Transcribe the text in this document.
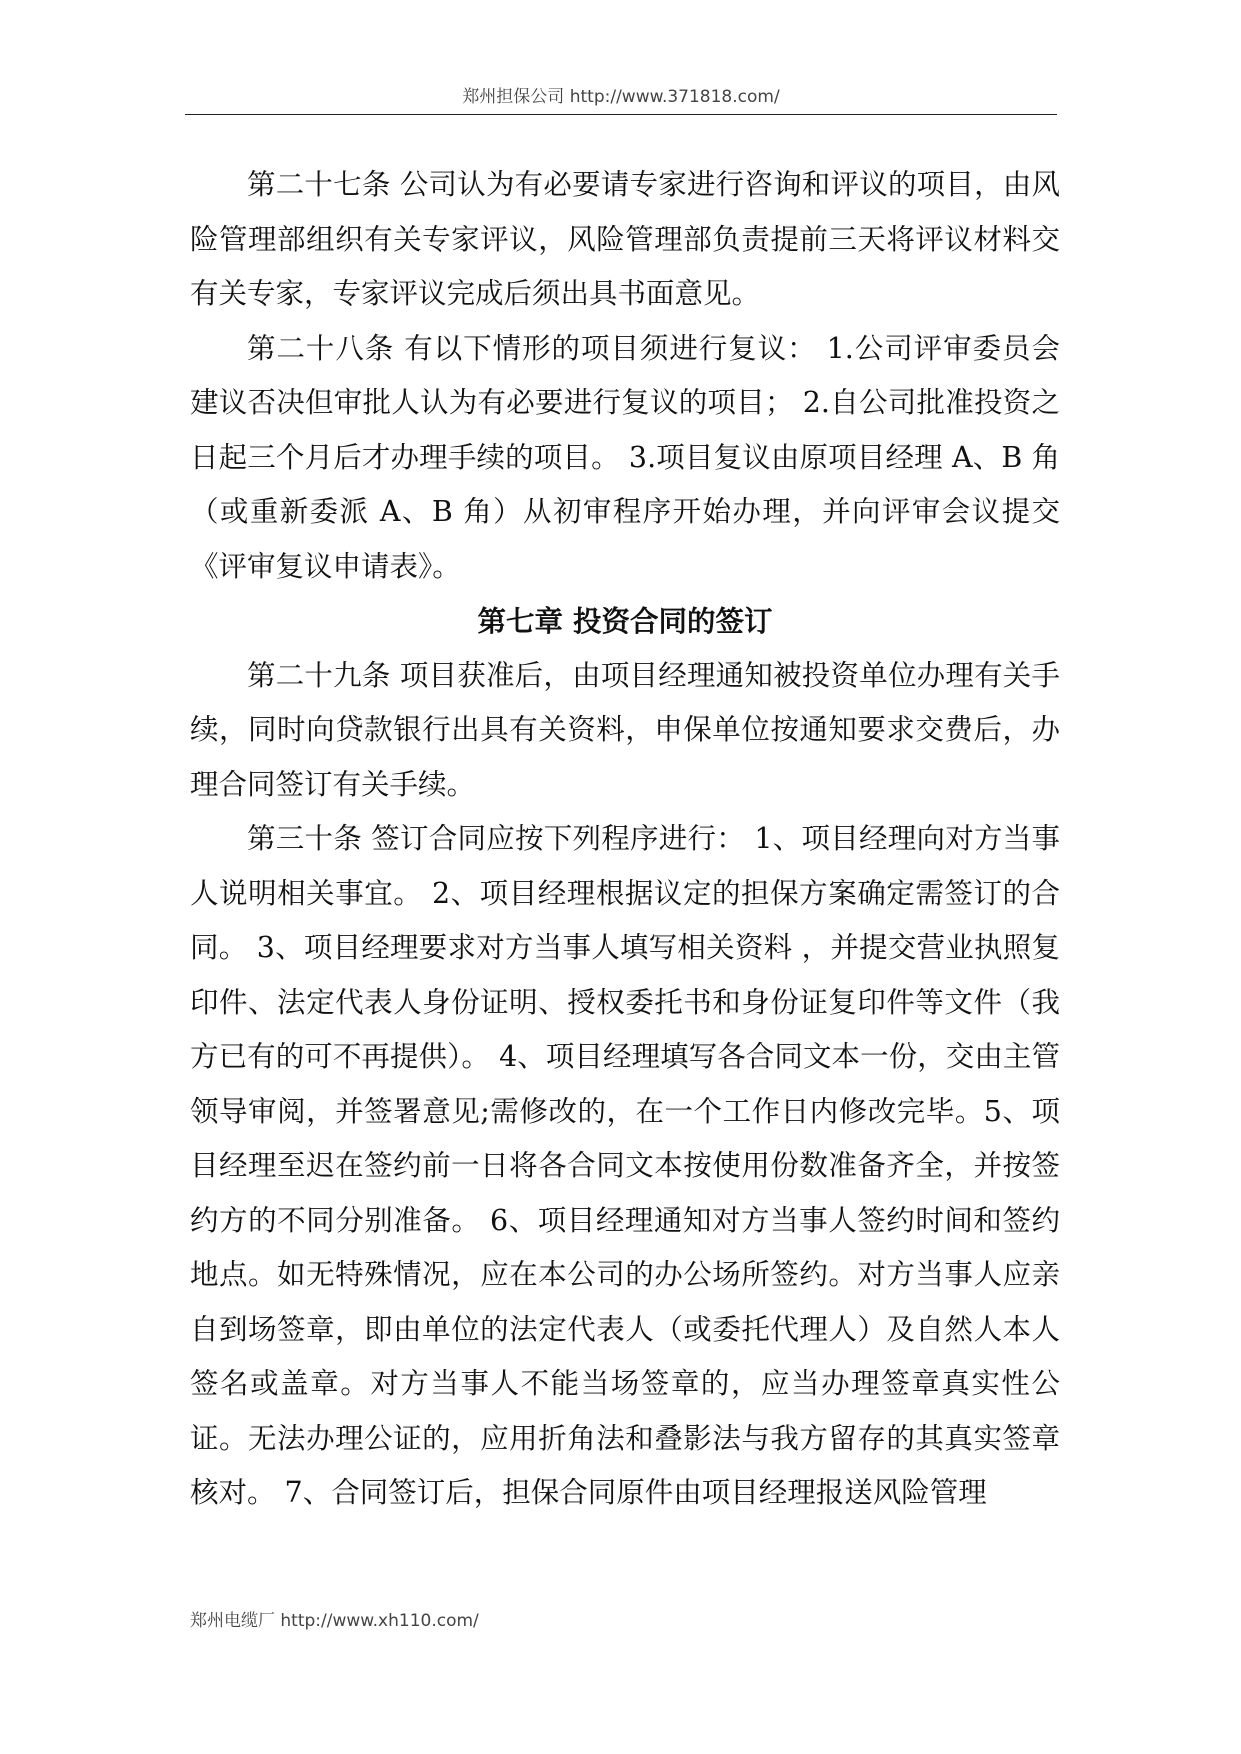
郑州担保公司 http://www.371818.com/

第二十七条 公司认为有必要请专家进行咨询和评议的项目，由风险管理部组织有关专家评议，风险管理部负责提前三天将评议材料交有关专家，专家评议完成后须出具书面意见。

第二十八条 有以下情形的项目须进行复议： 1.公司评审委员会建议否决但审批人认为有必要进行复议的项目； 2.自公司批准投资之日起三个月后才办理手续的项目。 3.项目复议由原项目经理 A、B 角（或重新委派 A、B 角）从初审程序开始办理，并向评审会议提交《评审复议申请表》。

第七章 投资合同的签订

第二十九条 项目获准后，由项目经理通知被投资单位办理有关手续，同时向贷款银行出具有关资料，申保单位按通知要求交费后，办理合同签订有关手续。

第三十条 签订合同应按下列程序进行： 1、项目经理向对方当事人说明相关事宜。 2、项目经理根据议定的担保方案确定需签订的合同。 3、项目经理要求对方当事人填写相关资料 ，并提交营业执照复印件、法定代表人身份证明、授权委托书和身份证复印件等文件（我方已有的可不再提供）。 4、项目经理填写各合同文本一份，交由主管领导审阅，并签署意见;需修改的，在一个工作日内修改完毕。5、项目经理至迟在签约前一日将各合同文本按使用份数准备齐全，并按签约方的不同分别准备。 6、项目经理通知对方当事人签约时间和签约地点。如无特殊情况，应在本公司的办公场所签约。对方当事人应亲自到场签章，即由单位的法定代表人（或委托代理人）及自然人本人签名或盖章。对方当事人不能当场签章的，应当办理签章真实性公证。无法办理公证的，应用折角法和叠影法与我方留存的其真实签章核对。 7、合同签订后，担保合同原件由项目经理报送风险管理

郑州电缆厂 http://www.xh110.com/
